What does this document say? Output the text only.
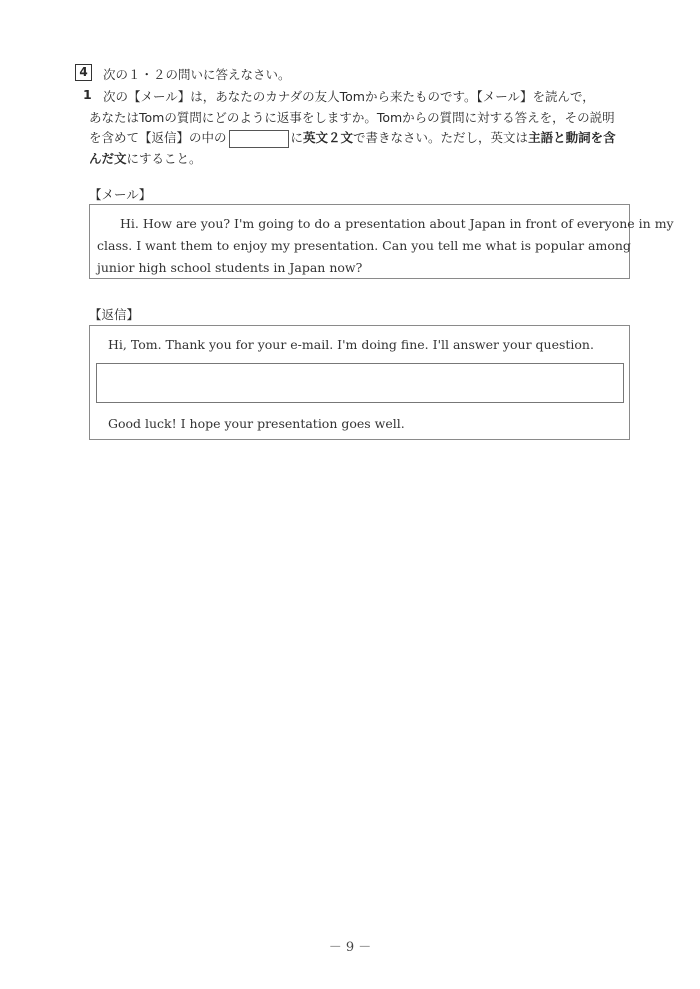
4	次の１・２の問いに答えなさい。
1 次の【メール】は，あなたのカナダの友人Tomから来たものです。【メール】を読んで，
あなたはTomの質問にどのように返事をしますか。Tomからの質問に対する答えを，その説明
を含めて【返信】の中の	に英文２文で書きなさい。ただし，英文は主語と動詞を含
んだ文にすること。
【メール】
Hi. How are you? I'm going to do a presentation about Japan in front of everyone in my
class. I want them to enjoy my presentation. Can you tell me what is popular among
junior high school students in Japan now?
【返信】
Hi, Tom. Thank you for your e-mail. I'm doing fine. I'll answer your question.
Good luck! I hope your presentation goes well.
－ 9 －
